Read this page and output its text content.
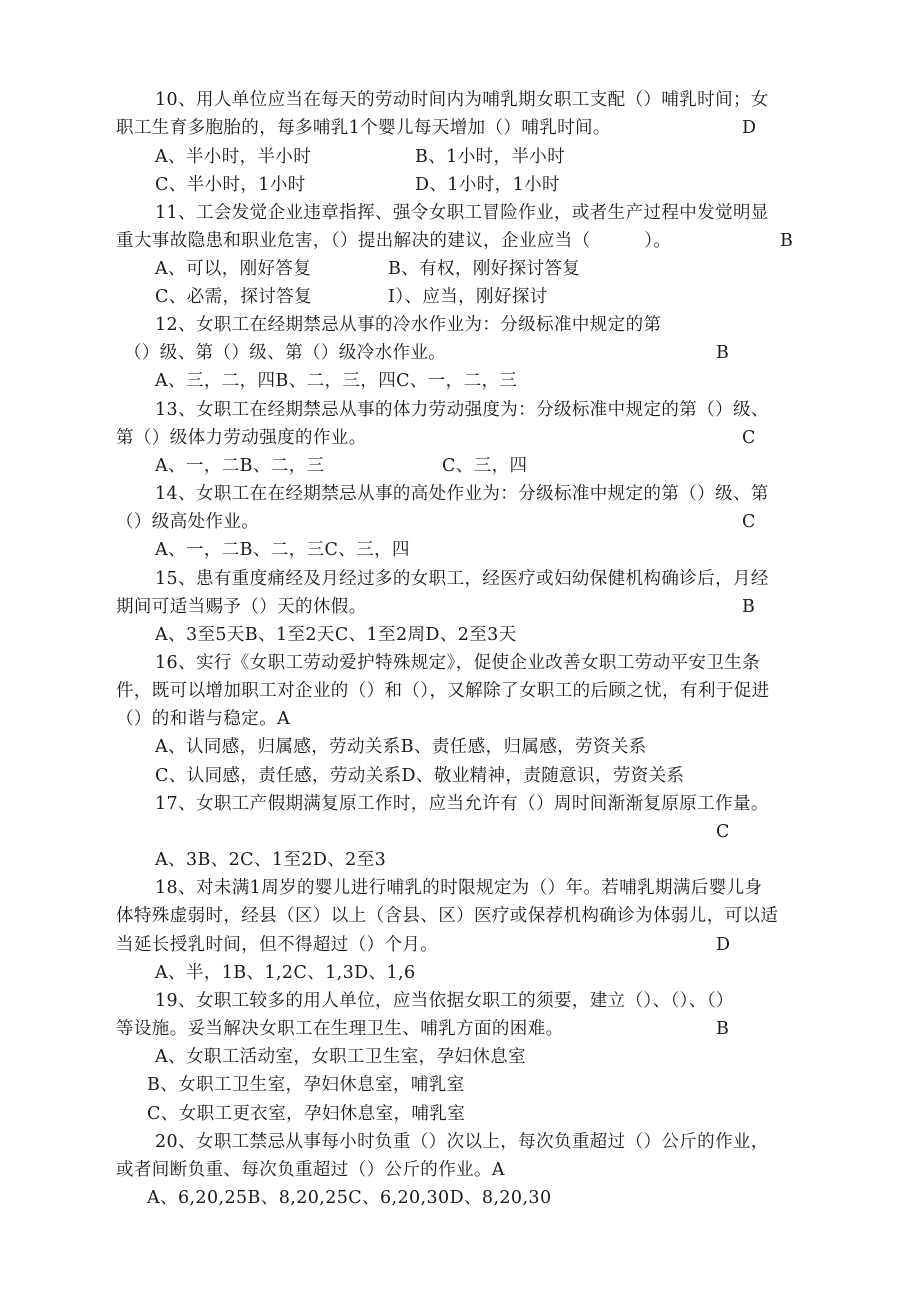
10、用人单位应当在每天的劳动时间内为哺乳期女职工支配（）哺乳时间；女
职工生育多胞胎的，每多哺乳1个婴儿每天增加（）哺乳时间。	D
A、半小时，半小时	B、1小时，半小时
C、半小时，1小时	D、1小时，1小时
11、工会发觉企业违章指挥、强令女职工冒险作业，或者生产过程中发觉明显
重大事故隐患和职业危害，（）提出解决的建议，企业应当（　　　）。	B
A、可以，刚好答复	B、有权，刚好探讨答复
C、必需，探讨答复	I）、应当，刚好探讨
12、女职工在经期禁忌从事的冷水作业为：分级标准中规定的第
（）级、第（）级、第（）级冷水作业。	B
A、三，二，四B、二，三，四C、一，二，三
13、女职工在经期禁忌从事的体力劳动强度为：分级标准中规定的第（）级、
第（）级体力劳动强度的作业。	C
A、一，二B、二，三	C、三，四
14、女职工在在经期禁忌从事的高处作业为：分级标准中规定的第（）级、第
（）级高处作业。	C
A、一，二B、二，三C、三，四
15、患有重度痛经及月经过多的女职工，经医疗或妇幼保健机构确诊后，月经
期间可适当赐予（）天的休假。	B
A、3至5天B、1至2天C、1至2周D、2至3天
16、实行《女职工劳动爱护特殊规定》，促使企业改善女职工劳动平安卫生条
件，既可以增加职工对企业的（）和（），又解除了女职工的后顾之忧，有利于促进
（）的和谐与稳定。A
A、认同感，归属感，劳动关系B、责任感，归属感，劳资关系
C、认同感，责任感，劳动关系D、敬业精神，责随意识，劳资关系
17、女职工产假期满复原工作时，应当允许有（）周时间渐渐复原原工作量。
C
A、3B、2C、1至2D、2至3
18、对未满1周岁的婴儿进行哺乳的时限规定为（）年。若哺乳期满后婴儿身
体特殊虚弱时，经县（区）以上（含县、区）医疗或保荐机构确诊为体弱儿，可以适
当延长授乳时间，但不得超过（）个月。	D
A、半，1B、1,2C、1,3D、1,6
19、女职工较多的用人单位，应当依据女职工的须要，建立（）、（）、（）
等设施。妥当解决女职工在生理卫生、哺乳方面的困难。	B
A、女职工活动室，女职工卫生室，孕妇休息室
B、女职工卫生室，孕妇休息室，哺乳室
C、女职工更衣室，孕妇休息室，哺乳室
20、女职工禁忌从事每小时负重（）次以上，每次负重超过（）公斤的作业，
或者间断负重、每次负重超过（）公斤的作业。A
A、6,20,25B、8,20,25C、6,20,30D、8,20,30
